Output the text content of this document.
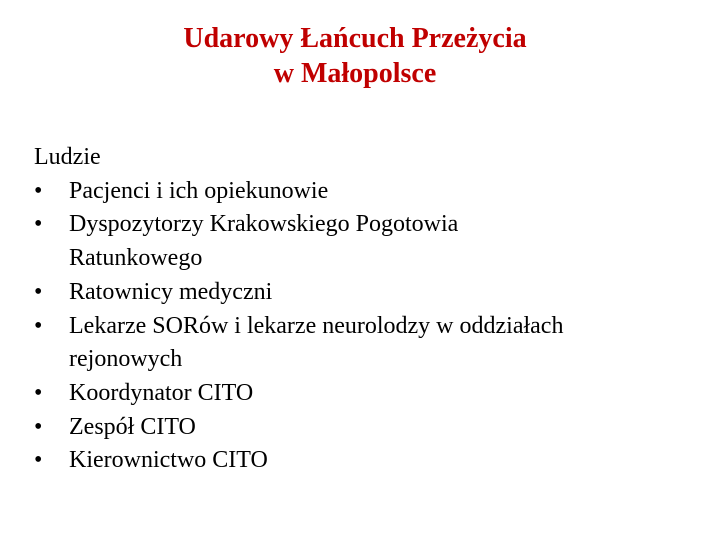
Udarowy Łańcuch Przeżycia
w Małopolsce
Ludzie
•	Pacjenci i ich opiekunowie
•	Dyspozytorzy Krakowskiego Pogotowia
Ratunkowego
•	Ratownicy medyczni
•	Lekarze SORów i lekarze neurolodzy w oddziałach
rejonowych
•	Koordynator CITO
•	Zespół CITO
•	Kierownictwo CITO
